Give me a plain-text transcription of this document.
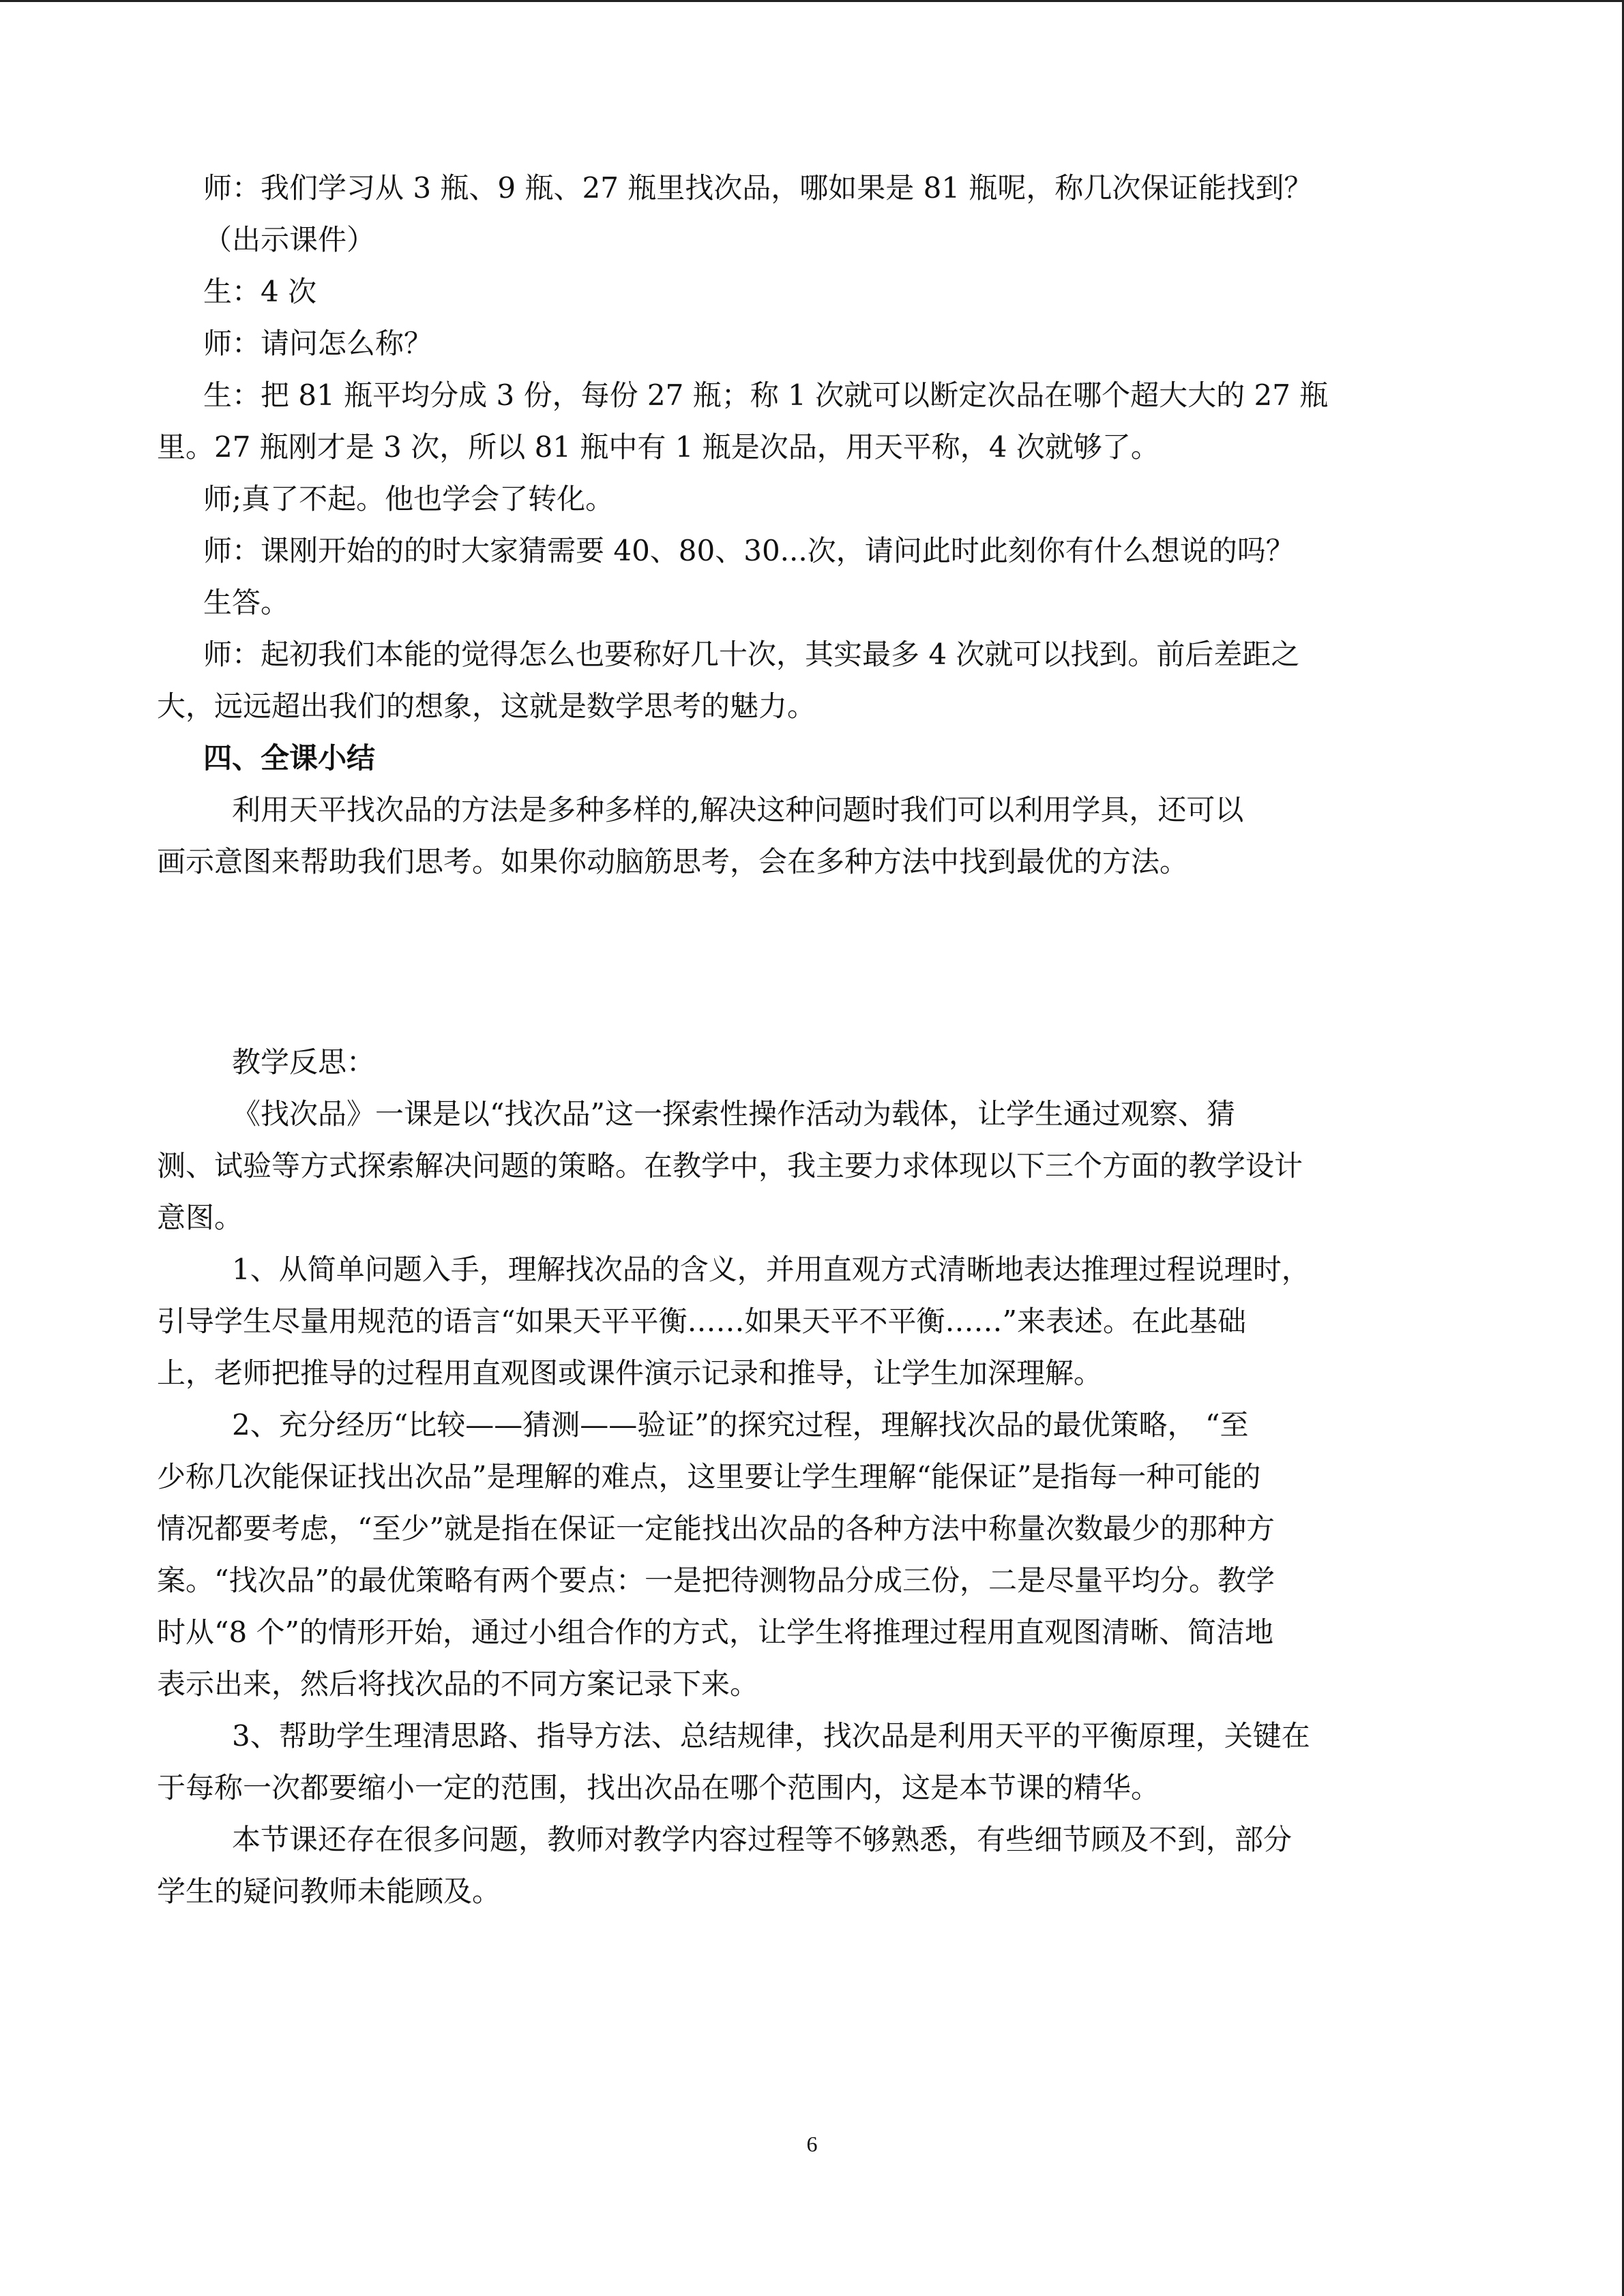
师：我们学习从 3 瓶、9 瓶、27 瓶里找次品，哪如果是 81 瓶呢，称几次保证能找到？
（出示课件）
生：4 次
师：请问怎么称？
生：把 81 瓶平均分成 3 份，每份 27 瓶；称 1 次就可以断定次品在哪个超大大的 27 瓶
里。27 瓶刚才是 3 次，所以 81 瓶中有 1 瓶是次品，用天平称，4 次就够了。
师;真了不起。他也学会了转化。
师：课刚开始的的时大家猜需要 40、80、30...次，请问此时此刻你有什么想说的吗？
生答。
师：起初我们本能的觉得怎么也要称好几十次，其实最多 4 次就可以找到。前后差距之
大，远远超出我们的想象，这就是数学思考的魅力。
四、全课小结
利用天平找次品的方法是多种多样的,解决这种问题时我们可以利用学具，还可以
画示意图来帮助我们思考。如果你动脑筋思考，会在多种方法中找到最优的方法。
教学反思：
《找次品》一课是以“找次品”这一探索性操作活动为载体，让学生通过观察、猜
测、试验等方式探索解决问题的策略。在教学中，我主要力求体现以下三个方面的教学设计
意图。
1、从简单问题入手，理解找次品的含义，并用直观方式清晰地表达推理过程说理时，
引导学生尽量用规范的语言“如果天平平衡……如果天平不平衡……”来表述。在此基础
上，老师把推导的过程用直观图或课件演示记录和推导，让学生加深理解。
2、充分经历“比较——猜测——验证”的探究过程，理解找次品的最优策略， “至
少称几次能保证找出次品”是理解的难点，这里要让学生理解“能保证”是指每一种可能的
情况都要考虑，“至少”就是指在保证一定能找出次品的各种方法中称量次数最少的那种方
案。“找次品”的最优策略有两个要点：一是把待测物品分成三份，二是尽量平均分。教学
时从“8 个”的情形开始，通过小组合作的方式，让学生将推理过程用直观图清晰、简洁地
表示出来，然后将找次品的不同方案记录下来。
3、帮助学生理清思路、指导方法、总结规律，找次品是利用天平的平衡原理，关键在
于每称一次都要缩小一定的范围，找出次品在哪个范围内，这是本节课的精华。
本节课还存在很多问题，教师对教学内容过程等不够熟悉，有些细节顾及不到，部分
学生的疑问教师未能顾及。
6
